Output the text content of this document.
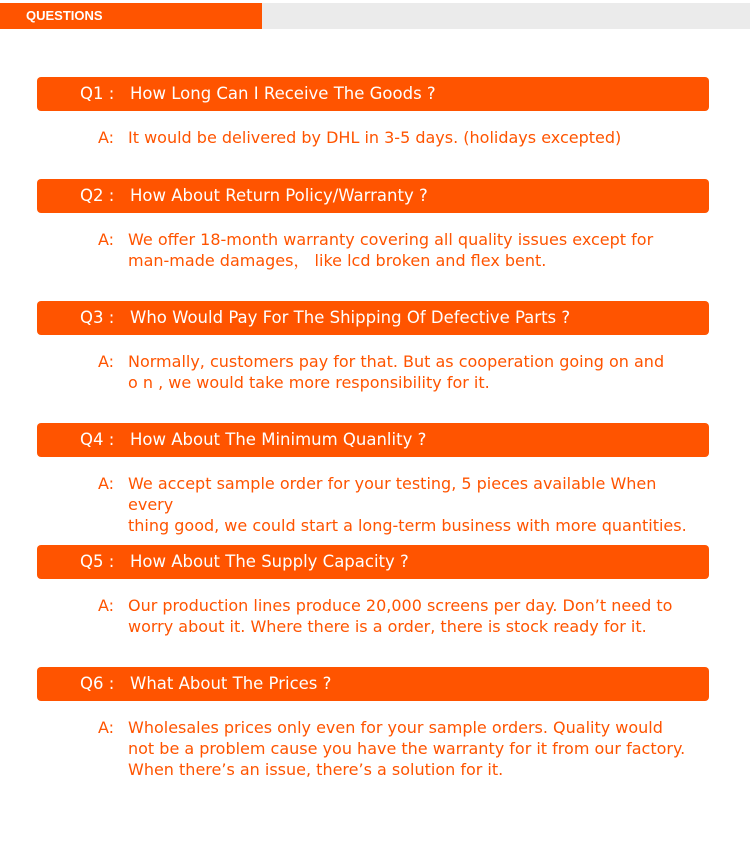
QUESTIONS
Q1 : How Long Can I Receive The Goods ?
A: It would be delivered by DHL in 3-5 days. (holidays excepted)
Q2 : How About Return Policy/Warranty ?
A: We offer 18-month warranty covering all quality issues except for
man-made damages， like lcd broken and flex bent.
Q3 : Who Would Pay For The Shipping Of Defective Parts ?
A: Normally, customers pay for that. But as cooperation going on and
o n , we would take more responsibility for it.
Q4 : How About The Minimum Quanlity ?
A: We accept sample order for your testing, 5 pieces available When every
thing good, we could start a long-term business with more quantities.
Q5 : How About The Supply Capacity ?
A: Our production lines produce 20,000 screens per day. Don’t need to
worry about it. Where there is a order, there is stock ready for it.
Q6 : What About The Prices ?
A: Wholesales prices only even for your sample orders. Quality would
not be a problem cause you have the warranty for it from our factory.
When there’s an issue, there’s a solution for it.
